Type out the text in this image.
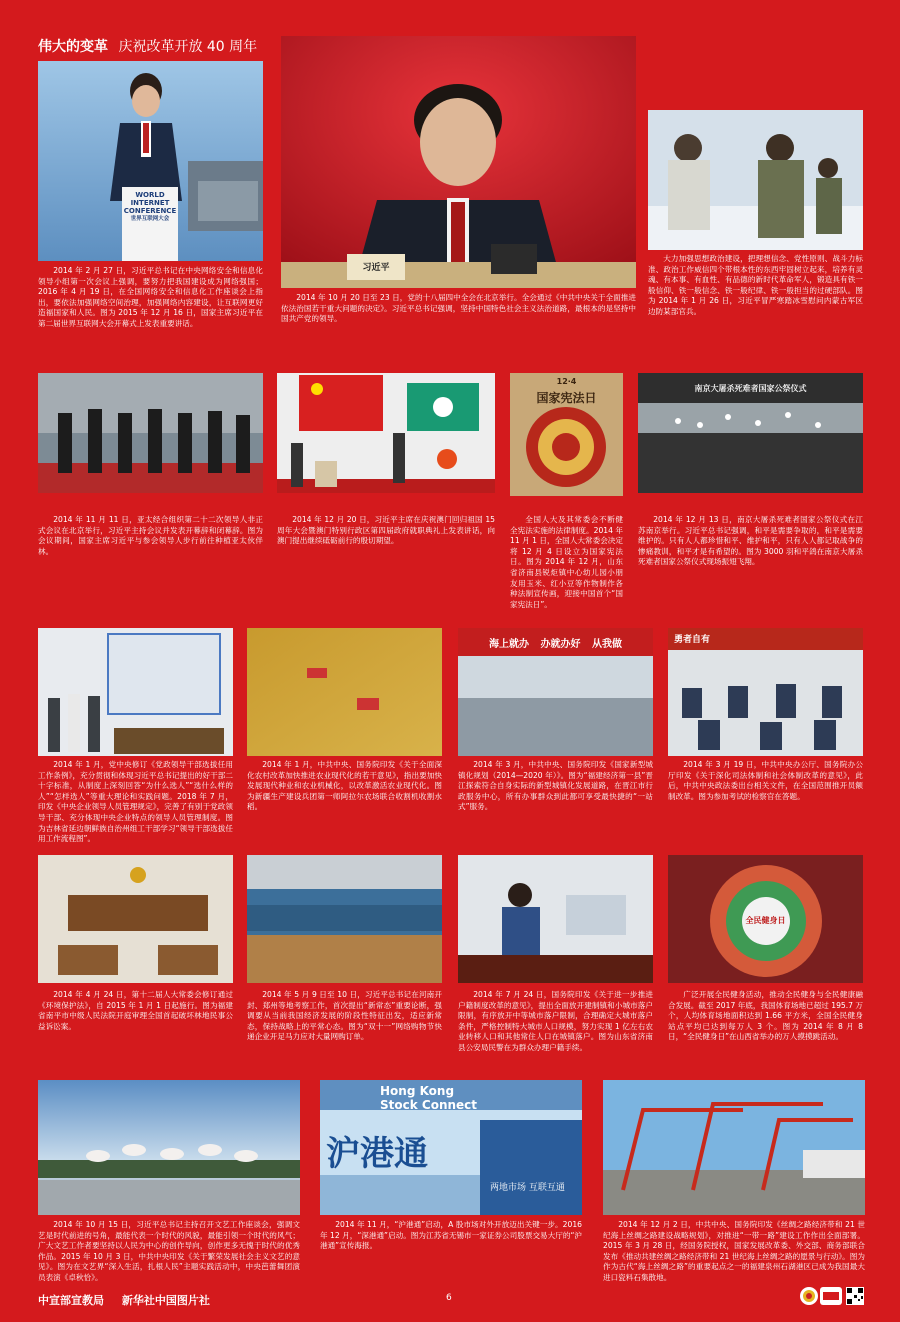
伟大的变革 庆祝改革开放 40 周年
WORLD
INTERNET
CONFERENCE
世界互联网大会
2014 年 2 月 27 日，习近平总书记在中央网络安全和信息化领导小组第一次会议上强调，要努力把我国建设成为网络强国；2016 年 4 月 19 日，在全国网络安全和信息化工作座谈会上指出，要依法加强网络空间治理，加强网络内容建设，让互联网更好造福国家和人民。图为 2015 年 12 月 16 日，国家主席习近平在第二届世界互联网大会开幕式上发表重要讲话。
习近平
2014 年 10 月 20 日至 23 日，党的十八届四中全会在北京举行。全会通过《中共中央关于全面推进依法治国若干重大问题的决定》。习近平总书记强调，坚持中国特色社会主义法治道路，最根本的是坚持中国共产党的领导。
大力加强思想政治建设，把理想信念、党性原则、战斗力标准、政治工作威信四个带根本性的东西牢固树立起来，培养有灵魂、有本事、有血性、有品德的新时代革命军人，锻造具有铁一般信仰、铁一般信念、铁一般纪律、铁一般担当的过硬部队。图为 2014 年 1 月 26 日，习近平冒严寒踏冰雪慰问内蒙古军区边防某部官兵。
2014 年 11 月 11 日，亚太经合组织第二十二次领导人非正式会议在北京举行，习近平主持会议并发表开幕辞和闭幕辞。图为会议期间，国家主席习近平与参会领导人步行前往种植亚太伙伴林。
2014 年 12 月 20 日，习近平主席在庆祝澳门回归祖国 15 周年大会暨澳门特别行政区第四届政府就职典礼上发表讲话，向澳门提出继续砥砺前行的殷切期望。
12·4
国家宪法日
全国人大及其常委会不断健全宪法实施的法律制度。2014 年 11 月 1 日，全国人大常委会决定将 12 月 4 日设立为国家宪法日。图为 2014 年 12 月，山东省济南县锐炬镇中心幼儿园小朋友用玉米、红小豆等作物制作各种法制宣传画，迎接中国首个“国家宪法日”。
南京大屠杀死难者国家公祭仪式
2014 年 12 月 13 日，南京大屠杀死难者国家公祭仪式在江苏南京举行。习近平总书记强调，和平是需要争取的，和平是需要维护的。只有人人都珍惜和平、维护和平，只有人人都记取战争的惨痛教训，和平才是有希望的。图为 3000 羽和平鸽在南京大屠杀死难者国家公祭仪式现场振翅飞翔。
2014 年 1 月，党中央修订《党政领导干部选拔任用工作条例》，充分贯彻和体现习近平总书记提出的好干部二十字标准，从制度上深刻回答“为什么选人”“选什么样的人”“怎样选人”等重大理论和实践问题。2018 年 7 月，印发《中央企业领导人员管理规定》，完善了有别于党政领导干部、充分体现中央企业特点的领导人员管理制度。图为吉林省延边朝鲜族自治州组工干部学习“领导干部选拔任用工作流程图”。
2014 年 1 月，中共中央、国务院印发《关于全面深化农村改革加快推进农业现代化的若干意见》，指出要加快发展现代种业和农业机械化，以改革激活农业现代化。图为新疆生产建设兵团第一师阿拉尔农场联合收割机收割水稻。
海上就办 办就办好 从我做
2014 年 3 月，中共中央、国务院印发《国家新型城镇化规划（2014—2020 年）》。图为“福建经济第一县”晋江探索符合自身实际的新型城镇化发展道路，在晋江市行政服务中心，所有办事群众到此都可享受最快捷的“一站式”服务。
勇者自有
2014 年 3 月 19 日，中共中央办公厅、国务院办公厅印发《关于深化司法体制和社会体制改革的意见》，此后，中共中央政法委出台相关文件，在全国范围推开员额制改革。图为参加考试的检察官在答题。
2014 年 4 月 24 日，第十二届人大常委会修订通过《环境保护法》，自 2015 年 1 月 1 日起施行。图为福建省南平市中级人民法院开庭审理全国首起破坏林地民事公益诉讼案。
2014 年 5 月 9 日至 10 日，习近平总书记在河南开封、郑州等地考察工作，首次提出“新常态”重要论断，强调要从当前我国经济发展的阶段性特征出发，适应新常态，保持战略上的平常心态。图为“双十一”网络购物节快递企业开足马力应对大量网购订单。
2014 年 7 月 24 日，国务院印发《关于进一步推进户籍制度改革的意见》，提出全面放开建制镇和小城市落户限制，有序放开中等城市落户限制，合理确定大城市落户条件，严格控制特大城市人口规模，努力实现 1 亿左右农业转移人口和其他常住人口在城镇落户。图为山东省济南县公安局民警在为群众办理户籍手续。
全民健身日
广泛开展全民健身活动，推动全民健身与全民健康融合发展。截至 2017 年底，我国体育场地已超过 195.7 万个，人均体育场地面积达到 1.66 平方米，全国全民健身站点平均已达到每万人 3 个。图为 2014 年 8 月 8 日，“全民健身日”在山西省举办的万人摸摸跳活动。
2014 年 10 月 15 日，习近平总书记主持召开文艺工作座谈会，强调文艺是时代前进的号角，最能代表一个时代的风貌，最能引领一个时代的风气；广大文艺工作者要坚持以人民为中心的创作导向，创作更多无愧于时代的优秀作品。2015 年 10 月 3 日，中共中央印发《关于繁荣发展社会主义文艺的意见》。图为在文艺界“深入生活，扎根人民”主题实践活动中，中央芭蕾舞团演员表演《卓秋恰》。
Hong Kong
Stock Connect
沪港通
两地市场 互联互通
2014 年 11 月，“沪港通”启动，A 股市场对外开放迈出关键一步。2016 年 12 月，“深港通”启动。图为江苏省无锡市一家证券公司股票交易大厅的“沪港通”宣传海报。
2014 年 12 月 2 日，中共中央、国务院印发《丝绸之路经济带和 21 世纪海上丝绸之路建设战略规划》，对推进“一带一路”建设工作作出全面部署。2015 年 3 月 28 日，经国务院授权，国家发展改革委、外交部、商务部联合发布《推动共建丝绸之路经济带和 21 世纪海上丝绸之路的愿景与行动》。图为作为古代“海上丝绸之路”的重要起点之一的福建泉州石湖港区已成为我国最大进口瓷料石集散地。
中宣部宣教局 新华社中国图片社	6
